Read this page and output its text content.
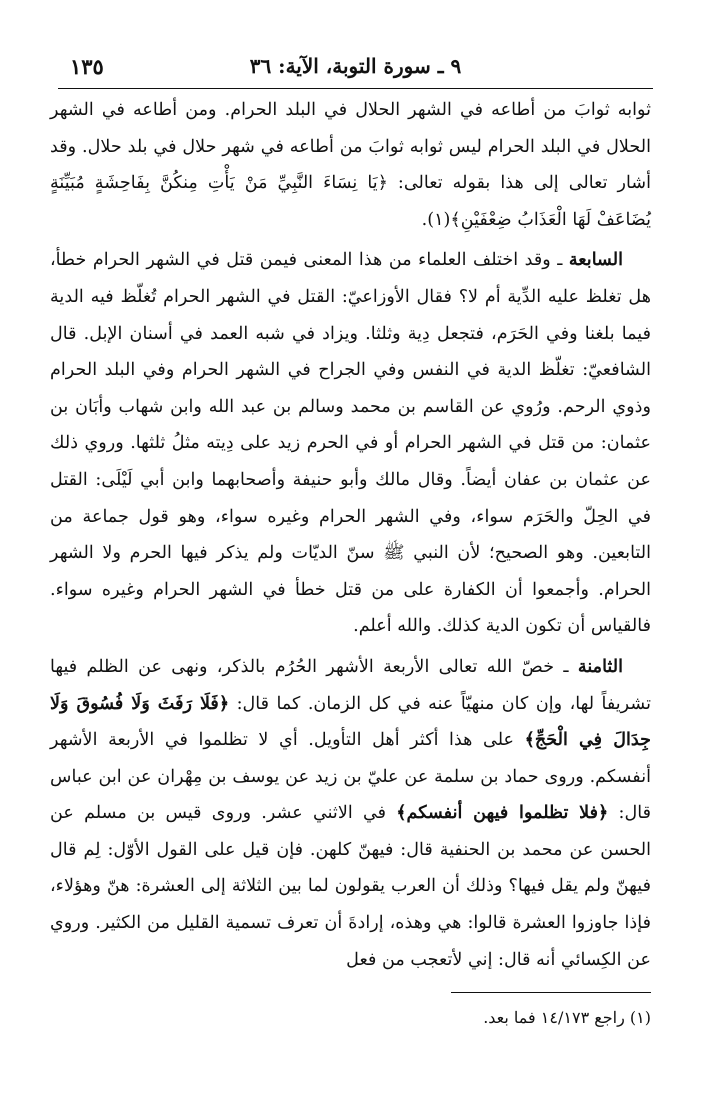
٩ ـ سورة التوبة، الآية: ٣٦
١٣٥

ثوابه ثوابَ من أطاعه في الشهر الحلال في البلد الحرام. ومن أطاعه في الشهر الحلال في البلد الحرام ليس ثوابه ثوابَ من أطاعه في شهر حلال في بلد حلال. وقد أشار تعالى إلى هذا بقوله تعالى: ﴿يَا نِسَاءَ النَّبِيِّ مَنْ يَأْتِ مِنكُنَّ بِفَاحِشَةٍ مُبَيِّنَةٍ يُضَاعَفْ لَهَا الْعَذَابُ ضِعْفَيْنِ﴾(١).

السابعة ـ وقد اختلف العلماء من هذا المعنى فيمن قتل في الشهر الحرام خطأ، هل تغلظ عليه الدِّية أم لا؟ فقال الأوزاعيّ: القتل في الشهر الحرام تُغلّظ فيه الدية فيما بلغنا وفي الحَرَم، فتجعل دِية وثلثا. ويزاد في شبه العمد في أسنان الإبل. قال الشافعيّ: تغلّظ الدية في النفس وفي الجراح في الشهر الحرام وفي البلد الحرام وذوي الرحم. ورُوي عن القاسم بن محمد وسالم بن عبد الله وابن شهاب وأبَان بن عثمان: من قتل في الشهر الحرام أو في الحرم زيد على دِيته مثلُ ثلثها. وروي ذلك عن عثمان بن عفان أيضاً. وقال مالك وأبو حنيفة وأصحابهما وابن أبي لَيْلَى: القتل في الحِلّ والحَرَم سواء، وفي الشهر الحرام وغيره سواء، وهو قول جماعة من التابعين. وهو الصحيح؛ لأن النبي ﷺ سنّ الديّات ولم يذكر فيها الحرم ولا الشهر الحرام. وأجمعوا أن الكفارة على من قتل خطأ في الشهر الحرام وغيره سواء. فالقياس أن تكون الدية كذلك. والله أعلم.

الثامنة ـ خصّ الله تعالى الأربعة الأشهر الحُرُم بالذكر، ونهى عن الظلم فيها تشريفاً لها، وإن كان منهيّاً عنه في كل الزمان. كما قال: ﴿فَلَا رَفَثَ وَلَا فُسُوقَ وَلَا جِدَالَ فِي الْحَجِّ﴾ على هذا أكثر أهل التأويل. أي لا تظلموا في الأربعة الأشهر أنفسكم. وروى حماد بن سلمة عن عليّ بن زيد عن يوسف بن مِهْران عن ابن عباس قال: ﴿فلا تظلموا فيهن أنفسكم﴾ في الاثني عشر. وروى قيس بن مسلم عن الحسن عن محمد بن الحنفية قال: فيهنّ كلهن. فإن قيل على القول الأوّل: لِم قال فيهنّ ولم يقل فيها؟ وذلك أن العرب يقولون لما بين الثلاثة إلى العشرة: هنّ وهؤلاء، فإذا جاوزوا العشرة قالوا: هي وهذه، إرادةَ أن تعرف تسمية القليل من الكثير. وروي عن الكِسائي أنه قال: إني لأتعجب من فعل

(١) راجع ١٤/١٧٣ فما بعد.
